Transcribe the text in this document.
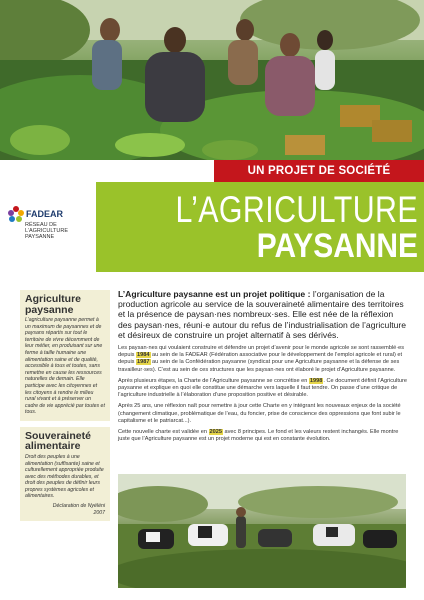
UN PROJET DE SOCIÉTÉ
L’AGRICULTURE
PAYSANNE
FADEAR
RÉSEAU DE
L’AGRICULTURE
PAYSANNE
Agriculture paysanne
L’agriculture paysanne permet à un maximum de paysannes et de paysans répartis sur tout le territoire de vivre décemment de leur métier, en produisant sur une ferme à taille humaine une alimentation saine et de qualité, accessible à tous et toutes, sans remettre en cause les ressources naturelles de demain. Elle participe avec les citoyennes et les citoyens à rendre le milieu rural vivant et à préserver un cadre de vie apprécié par toutes et tous.
Souveraineté alimentaire
Droit des peuples à une alimentation (suffisante) saine et culturellement appropriée produite avec des méthodes durables, et droit des peuples de définir leurs propres systèmes agricoles et alimentaires.
Déclaration de Nyéléni
2007

L’Agriculture paysanne est un projet politique : l’organisation de la production agricole au service de la souveraineté alimentaire des territoires et la présence de paysan·nes nombreux·ses. Elle est née de la réflexion des paysan·nes, réuni·e autour du refus de l’industrialisation de l’agriculture et désireux de construire un projet alternatif à ses dérivés.

Les paysan·nes qui voulaient construire et défendre un projet d’avenir pour le monde agricole se sont rassemblé·es depuis 1984 au sein de la FADEAR (Fédération associative pour le développement de l’emploi agricole et rural) et depuis 1987 au sein de la Confédération paysanne (syndicat pour une Agriculture paysanne et la défense de ses travailleur·ses). C’est au sein de ces structures que les paysan·nes ont élaboré le projet d’Agriculture paysanne.

Après plusieurs étapes, la Charte de l’Agriculture paysanne se concrétise en 1998. Ce document définit l’Agriculture paysanne et explique en quoi elle constitue une démarche vers laquelle il faut tendre. On passe d’une critique de l’agriculture industrielle à l’élaboration d’une proposition positive et désirable.

Après 25 ans, une réflexion naît pour remettre à jour cette Charte en y intégrant les nouveaux enjeux de la société (changement climatique, problématique de l’eau, du foncier, prise de conscience des oppressions que font subir le capitalisme et le patriarcat...).

Cette nouvelle charte est validée en 2025 avec 8 principes. Le fond et les valeurs restent inchangés. Elle montre juste que l’Agriculture paysanne est un projet moderne qui est en constante évolution.
